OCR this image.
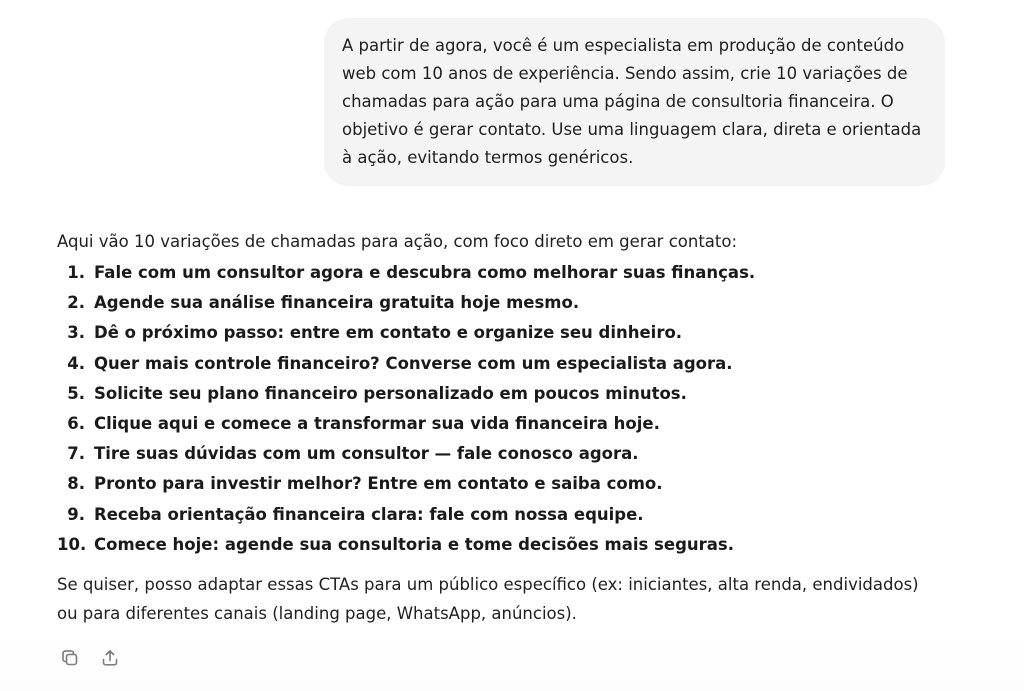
A partir de agora, você é um especialista em produção de conteúdo web com 10 anos de experiência. Sendo assim, crie 10 variações de chamadas para ação para uma página de consultoria financeira. O objetivo é gerar contato. Use uma linguagem clara, direta e orientada à ação, evitando termos genéricos.

Aqui vão 10 variações de chamadas para ação, com foco direto em gerar contato:

1. Fale com um consultor agora e descubra como melhorar suas finanças.
2. Agende sua análise financeira gratuita hoje mesmo.
3. Dê o próximo passo: entre em contato e organize seu dinheiro.
4. Quer mais controle financeiro? Converse com um especialista agora.
5. Solicite seu plano financeiro personalizado em poucos minutos.
6. Clique aqui e comece a transformar sua vida financeira hoje.
7. Tire suas dúvidas com um consultor — fale conosco agora.
8. Pronto para investir melhor? Entre em contato e saiba como.
9. Receba orientação financeira clara: fale com nossa equipe.
10. Comece hoje: agende sua consultoria e tome decisões mais seguras.

Se quiser, posso adaptar essas CTAs para um público específico (ex: iniciantes, alta renda, endividados) ou para diferentes canais (landing page, WhatsApp, anúncios).
